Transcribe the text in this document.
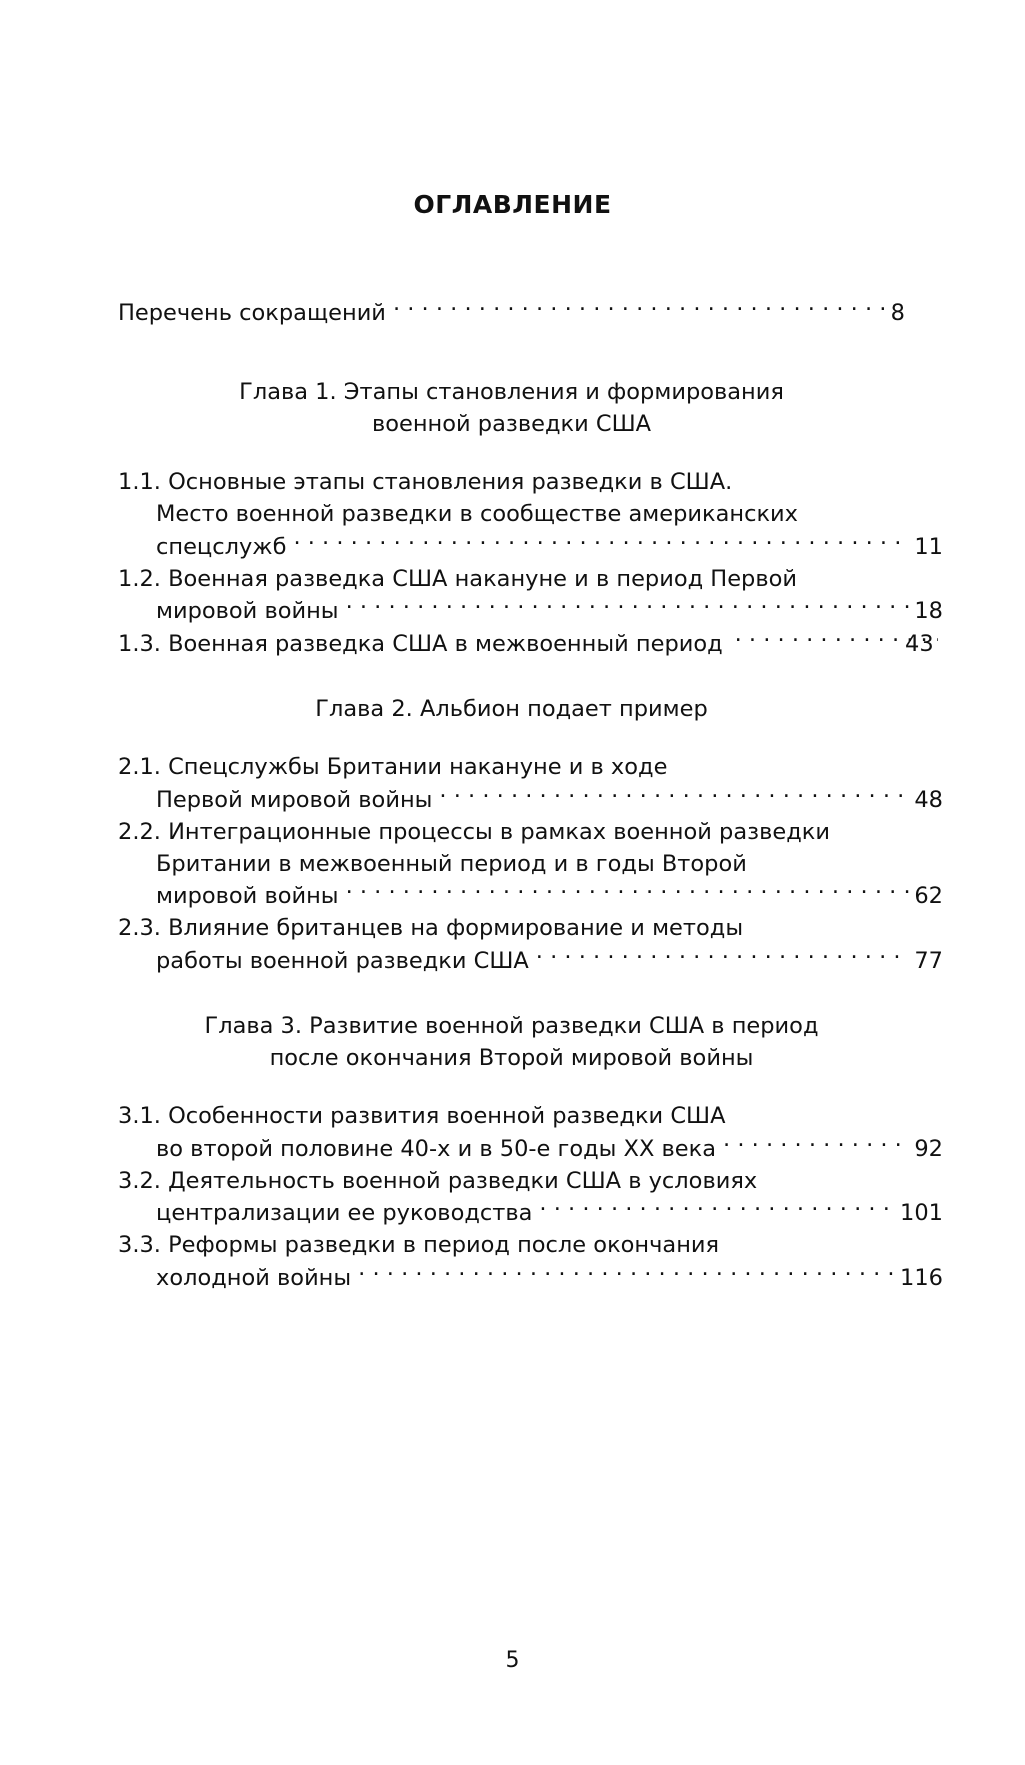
ОГЛАВЛЕНИЕ
Перечень сокращений . . .	8
Глава 1. Этапы становления и формирования
военной разведки США
1.1. Основные этапы становления разведки в США.
Место военной разведки в сообществе американских
спецслужб . . .	11
1.2. Военная разведка США накануне и в период Первой
мировой войны . . .	18
1.3. Военная разведка США в межвоенный период . . .	43
Глава 2. Альбион подает пример
2.1. Спецслужбы Британии накануне и в ходе
Первой мировой войны . . .	48
2.2. Интеграционные процессы в рамках военной разведки
Британии в межвоенный период и в годы Второй
мировой войны . . .	62
2.3. Влияние британцев на формирование и методы
работы военной разведки США . . .	77
Глава 3. Развитие военной разведки США в период
после окончания Второй мировой войны
3.1. Особенности развития военной разведки США
во второй половине 40-х и в 50-е годы XX века . . .	92
3.2. Деятельность военной разведки США в условиях
централизации ее руководства . . .	101
3.3. Реформы разведки в период после окончания
холодной войны . . .	116
5
